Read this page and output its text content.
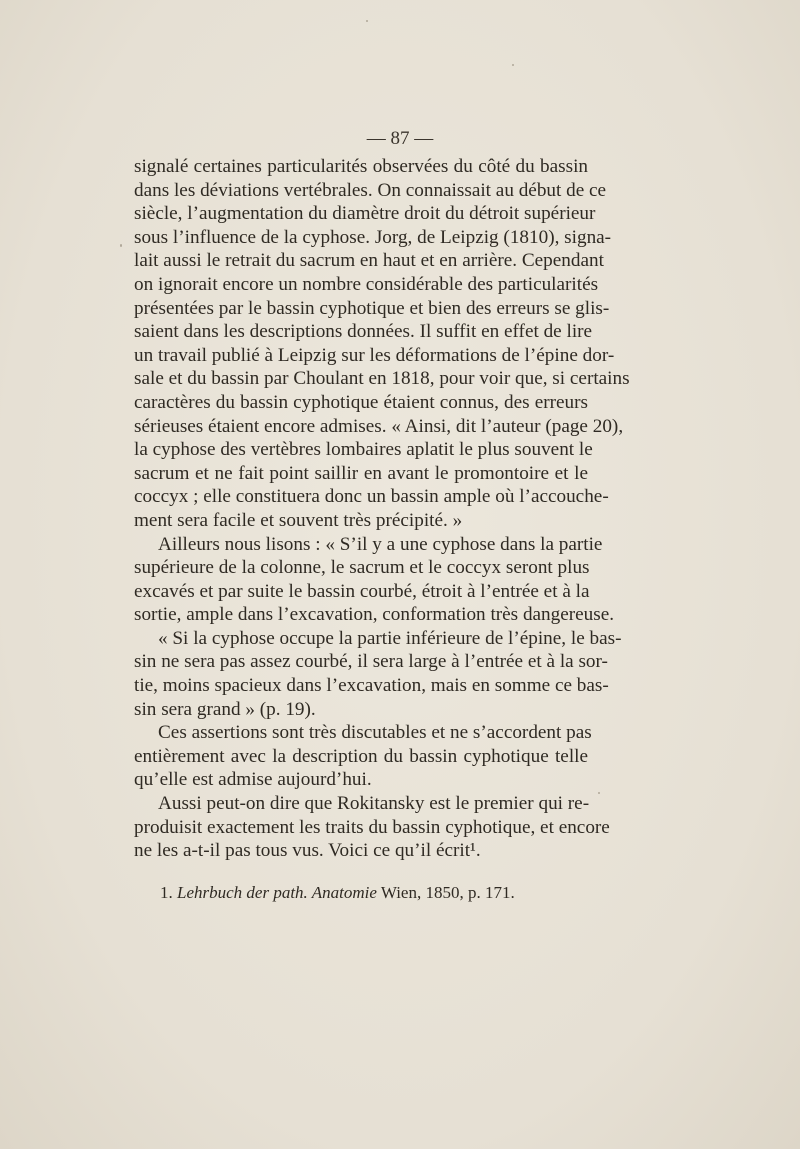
— 87 —
signalé certaines particularités observées du côté du bassin
dans les déviations vertébrales. On connaissait au début de ce
siècle, l’augmentation du diamètre droit du détroit supérieur
sous l’influence de la cyphose. Jorg, de Leipzig (1810), signa-
lait aussi le retrait du sacrum en haut et en arrière. Cependant
on ignorait encore un nombre considérable des particularités
présentées par le bassin cyphotique et bien des erreurs se glis-
saient dans les descriptions données. Il suffit en effet de lire
un travail publié à Leipzig sur les déformations de l’épine dor-
sale et du bassin par Choulant en 1818, pour voir que, si certains
caractères du bassin cyphotique étaient connus, des erreurs
sérieuses étaient encore admises. « Ainsi, dit l’auteur (page 20),
la cyphose des vertèbres lombaires aplatit le plus souvent le
sacrum et ne fait point saillir en avant le promontoire et le
coccyx ; elle constituera donc un bassin ample où l’accouche-
ment sera facile et souvent très précipité. »
Ailleurs nous lisons : « S’il y a une cyphose dans la partie
supérieure de la colonne, le sacrum et le coccyx seront plus
excavés et par suite le bassin courbé, étroit à l’entrée et à la
sortie, ample dans l’excavation, conformation très dangereuse.
« Si la cyphose occupe la partie inférieure de l’épine, le bas-
sin ne sera pas assez courbé, il sera large à l’entrée et à la sor-
tie, moins spacieux dans l’excavation, mais en somme ce bas-
sin sera grand » (p. 19).
Ces assertions sont très discutables et ne s’accordent pas
entièrement avec la description du bassin cyphotique telle
qu’elle est admise aujourd’hui.
Aussi peut-on dire que Rokitansky est le premier qui re-
produisit exactement les traits du bassin cyphotique, et encore
ne les a-t-il pas tous vus. Voici ce qu’il écrit¹.
1. Lehrbuch der path. Anatomie Wien, 1850, p. 171.
